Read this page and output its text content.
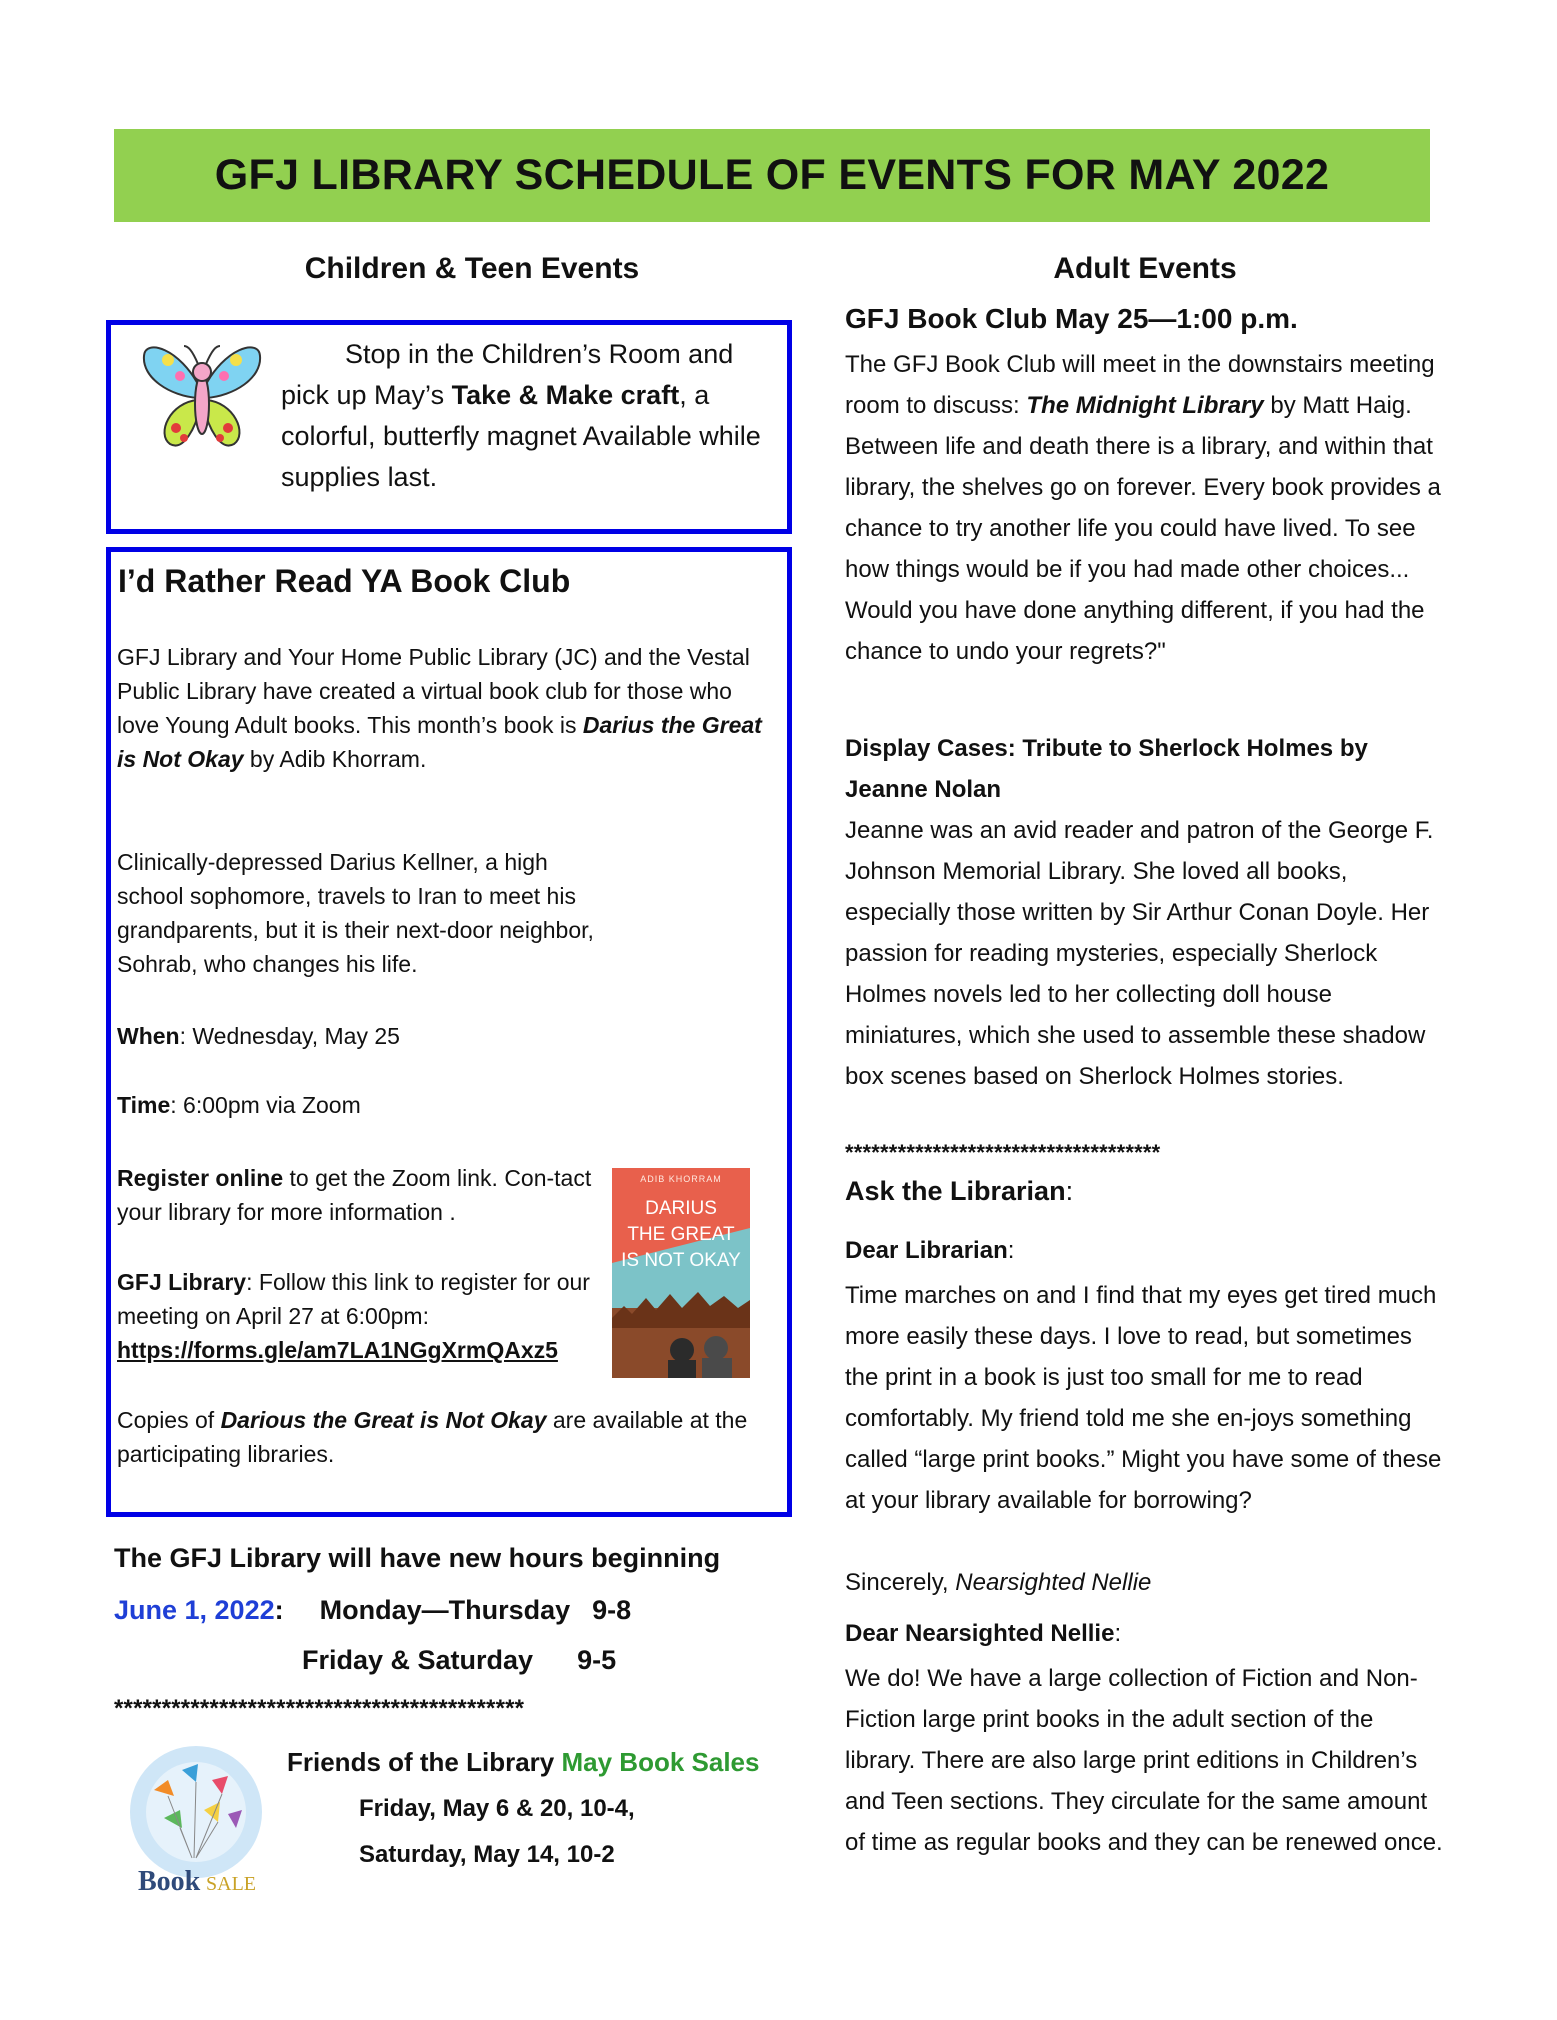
GFJ LIBRARY SCHEDULE OF EVENTS FOR MAY 2022
Children & Teen Events	Adult Events
Stop in the Children’s Room and pick up May’s Take & Make craft, a colorful, butterfly magnet Available while supplies last.
I’d Rather Read YA Book Club
GFJ Library and Your Home Public Library (JC) and the Vestal Public Library have created a virtual book club for those who love Young Adult books. This month’s book is Darius the Great is Not Okay by Adib Khorram.
Clinically-depressed Darius Kellner, a high school sophomore, travels to Iran to meet his grandparents, but it is their next-door neighbor, Sohrab, who changes his life.
When: Wednesday, May 25
Time: 6:00pm via Zoom
Register online to get the Zoom link. Con-tact your library for more information .
GFJ Library: Follow this link to register for our meeting on April 27 at 6:00pm:
https://forms.gle/am7LA1NGgXrmQAxz5
Copies of Darious the Great is Not Okay are available at the participating libraries.
ADIB KHORRAM
DARIUS
THE GREAT
IS NOT OKAY
The GFJ Library will have new hours beginning
June 1, 2022: Monday—Thursday 9-8
Friday & Saturday 9-5
*******************************************
Book SALE
Friends of the Library May Book Sales
Friday, May 6 & 20, 10-4,
Saturday, May 14, 10-2
GFJ Book Club May 25—1:00 p.m.
The GFJ Book Club will meet in the downstairs meeting room to discuss: The Midnight Library by Matt Haig. Between life and death there is a library, and within that library, the shelves go on forever. Every book provides a chance to try another life you could have lived. To see how things would be if you had made other choices... Would you have done anything different, if you had the chance to undo your regrets?"
Display Cases: Tribute to Sherlock Holmes by Jeanne Nolan
Jeanne was an avid reader and patron of the George F. Johnson Memorial Library. She loved all books, especially those written by Sir Arthur Conan Doyle. Her passion for reading mysteries, especially Sherlock Holmes novels led to her collecting doll house miniatures, which she used to assemble these shadow box scenes based on Sherlock Holmes stories.
************************************
Ask the Librarian:
Dear Librarian:
Time marches on and I find that my eyes get tired much more easily these days. I love to read, but sometimes the print in a book is just too small for me to read comfortably. My friend told me she en-joys something called “large print books.” Might you have some of these at your library available for borrowing?
Sincerely, Nearsighted Nellie
Dear Nearsighted Nellie:
We do! We have a large collection of Fiction and Non-Fiction large print books in the adult section of the library. There are also large print editions in Children’s and Teen sections. They circulate for the same amount of time as regular books and they can be renewed once.
